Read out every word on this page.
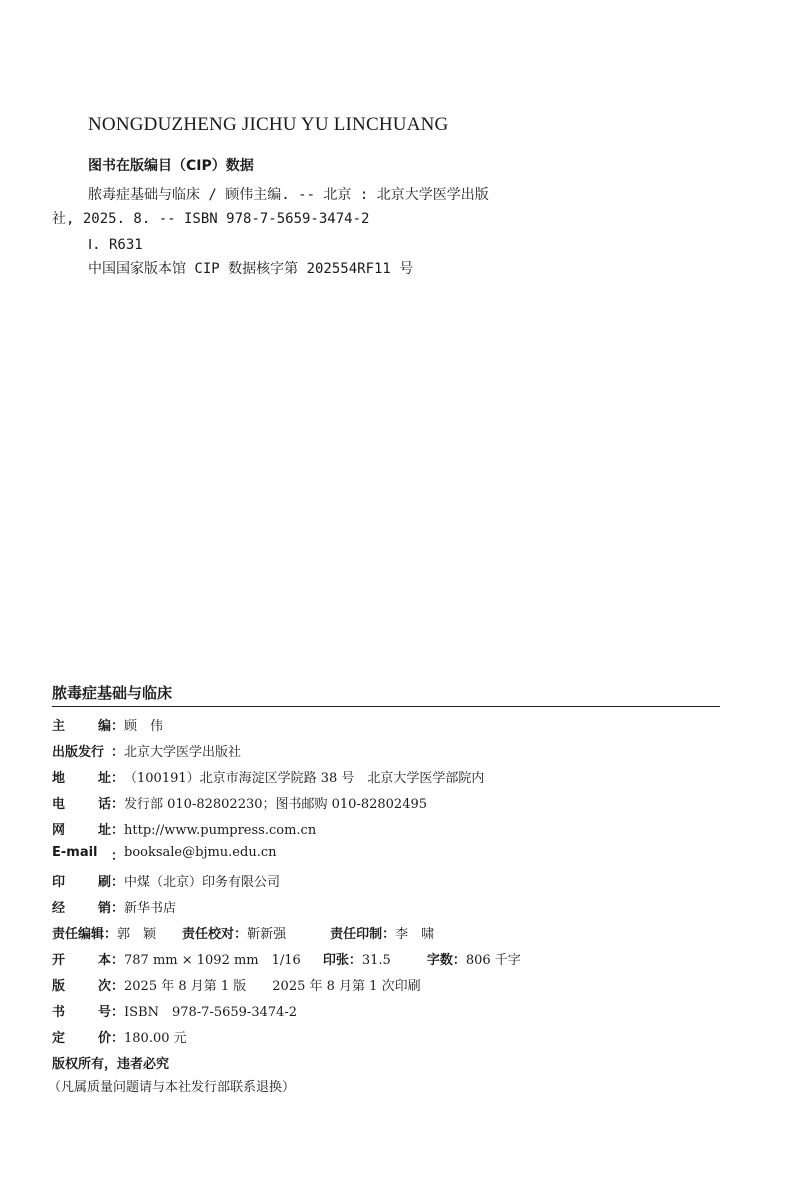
NONGDUZHENG JICHU YU LINCHUANG
图书在版编目（CIP）数据
脓毒症基础与临床 / 顾伟主编. -- 北京 : 北京大学医学出版社, 2025. 8. -- ISBN 978-7-5659-3474-2
Ⅰ. R631
中国国家版本馆 CIP 数据核字第 202554RF11 号
脓毒症基础与临床
主	编： 顾　伟
出版发行 ： 北京大学医学出版社
地	址： （100191）北京市海淀区学院路 38 号　北京大学医学部院内
电	话： 发行部 010-82802230；图书邮购 010-82802495
网	址： http://www.pumpress.com.cn
E-mail ： booksale@bjmu.edu.cn
印	刷： 中煤（北京）印务有限公司
经	销： 新华书店
责任编辑： 郭　颖 责任校对： 靳新强	责任印制： 李　啸
开	本： 787 mm × 1092 mm　1/16 印张： 31.5	字数： 806 千字
版	次： 2025 年 8 月第 1 版　　2025 年 8 月第 1 次印刷
书	号： ISBN　978-7-5659-3474-2
定	价： 180.00 元
版权所有，违者必究
（凡属质量问题请与本社发行部联系退换）
